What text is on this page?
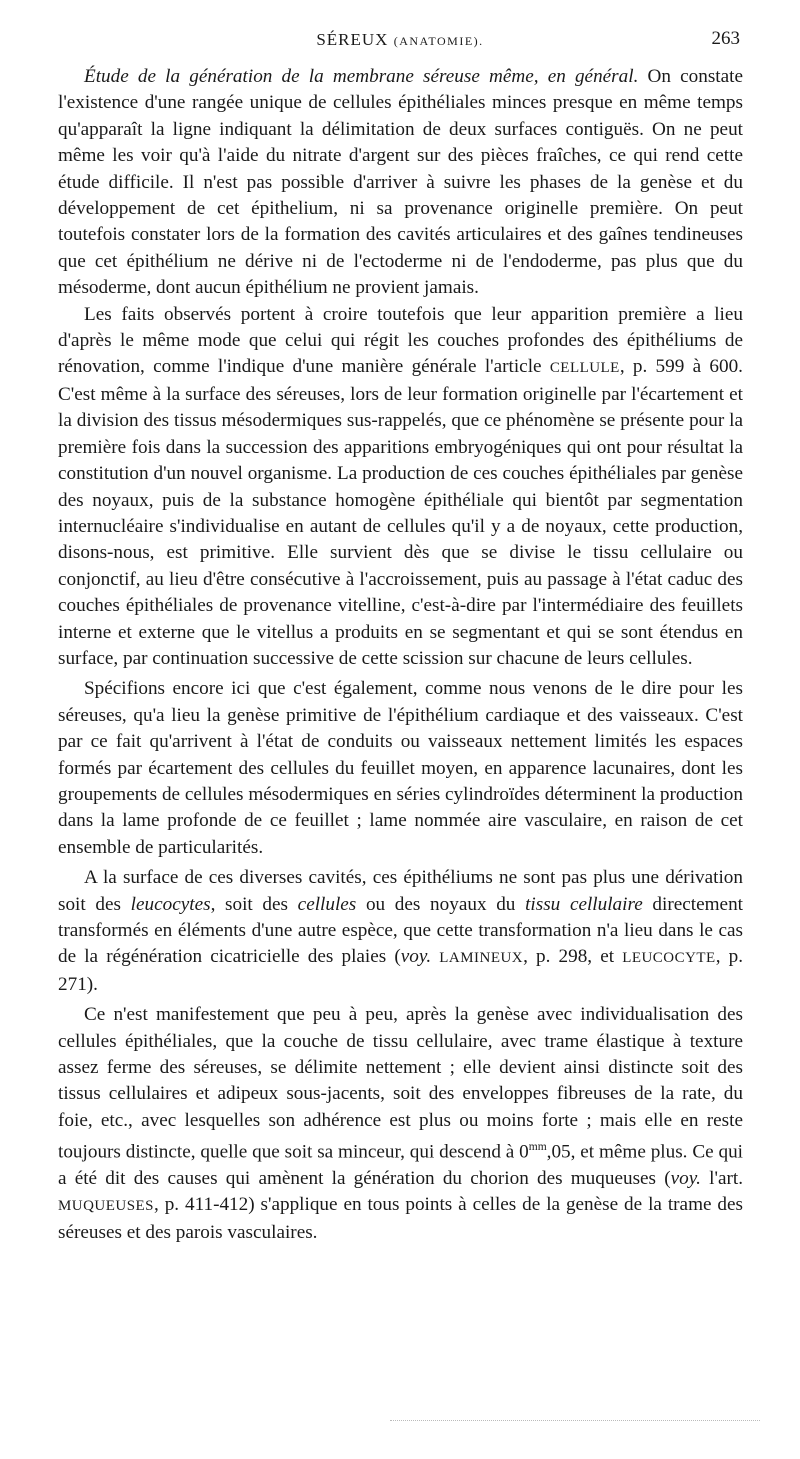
SÉREUX (ANATOMIE).	263

Étude de la génération de la membrane séreuse même, en général. On constate l'existence d'une rangée unique de cellules épithéliales minces presque en même temps qu'apparaît la ligne indiquant la délimitation de deux surfaces contiguës. On ne peut même les voir qu'à l'aide du nitrate d'argent sur des pièces fraîches, ce qui rend cette étude difficile. Il n'est pas possible d'arriver à suivre les phases de la genèse et du développement de cet épithelium, ni sa provenance originelle première. On peut toutefois constater lors de la formation des cavités articulaires et des gaînes tendineuses que cet épithélium ne dérive ni de l'ectoderme ni de l'endoderme, pas plus que du mésoderme, dont aucun épithélium ne provient jamais.

Les faits observés portent à croire toutefois que leur apparition première a lieu d'après le même mode que celui qui régit les couches profondes des épithéliums de rénovation, comme l'indique d'une manière générale l'article CELLULE, p. 599 à 600. C'est même à la surface des séreuses, lors de leur formation originelle par l'écartement et la division des tissus mésodermiques sus-rappelés, que ce phénomène se présente pour la première fois dans la succession des apparitions embryogéniques qui ont pour résultat la constitution d'un nouvel organisme. La production de ces couches épithéliales par genèse des noyaux, puis de la substance homogène épithéliale qui bientôt par segmentation internucléaire s'individualise en autant de cellules qu'il y a de noyaux, cette production, disons-nous, est primitive. Elle survient dès que se divise le tissu cellulaire ou conjonctif, au lieu d'être consécutive à l'accroissement, puis au passage à l'état caduc des couches épithéliales de provenance vitelline, c'est-à-dire par l'intermédiaire des feuillets interne et externe que le vitellus a produits en se segmentant et qui se sont étendus en surface, par continuation successive de cette scission sur chacune de leurs cellules.

Spécifions encore ici que c'est également, comme nous venons de le dire pour les séreuses, qu'a lieu la genèse primitive de l'épithélium cardiaque et des vaisseaux. C'est par ce fait qu'arrivent à l'état de conduits ou vaisseaux nettement limités les espaces formés par écartement des cellules du feuillet moyen, en apparence lacunaires, dont les groupements de cellules mésodermiques en séries cylindroïdes déterminent la production dans la lame profonde de ce feuillet ; lame nommée aire vasculaire, en raison de cet ensemble de particularités.

A la surface de ces diverses cavités, ces épithéliums ne sont pas plus une dérivation soit des leucocytes, soit des cellules ou des noyaux du tissu cellulaire directement transformés en éléments d'une autre espèce, que cette transformation n'a lieu dans le cas de la régénération cicatricielle des plaies (voy. LAMINEUX, p. 298, et LEUCOCYTE, p. 271).

Ce n'est manifestement que peu à peu, après la genèse avec individualisation des cellules épithéliales, que la couche de tissu cellulaire, avec trame élastique à texture assez ferme des séreuses, se délimite nettement ; elle devient ainsi distincte soit des tissus cellulaires et adipeux sous-jacents, soit des enveloppes fibreuses de la rate, du foie, etc., avec lesquelles son adhérence est plus ou moins forte ; mais elle en reste toujours distincte, quelle que soit sa minceur, qui descend à $0^{mm},05$, et même plus. Ce qui a été dit des causes qui amènent la génération du chorion des muqueuses (voy. l'art. MUQUEUSES, p. 411-412) s'applique en tous points à celles de la genèse de la trame des séreuses et des parois vasculaires.
